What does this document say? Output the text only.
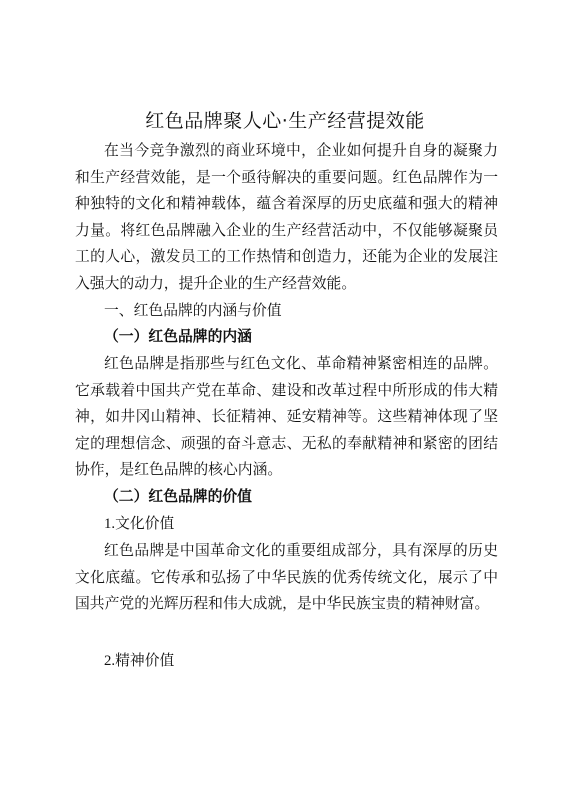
红色品牌聚人心·生产经营提效能

在当今竞争激烈的商业环境中，企业如何提升自身的凝聚力和生产经营效能，是一个亟待解决的重要问题。红色品牌作为一种独特的文化和精神载体，蕴含着深厚的历史底蕴和强大的精神力量。将红色品牌融入企业的生产经营活动中，不仅能够凝聚员工的人心，激发员工的工作热情和创造力，还能为企业的发展注入强大的动力，提升企业的生产经营效能。

一、红色品牌的内涵与价值

（一）红色品牌的内涵

红色品牌是指那些与红色文化、革命精神紧密相连的品牌。它承载着中国共产党在革命、建设和改革过程中所形成的伟大精神，如井冈山精神、长征精神、延安精神等。这些精神体现了坚定的理想信念、顽强的奋斗意志、无私的奉献精神和紧密的团结协作，是红色品牌的核心内涵。

（二）红色品牌的价值

1.文化价值

红色品牌是中国革命文化的重要组成部分，具有深厚的历史文化底蕴。它传承和弘扬了中华民族的优秀传统文化，展示了中国共产党的光辉历程和伟大成就，是中华民族宝贵的精神财富。

2.精神价值
